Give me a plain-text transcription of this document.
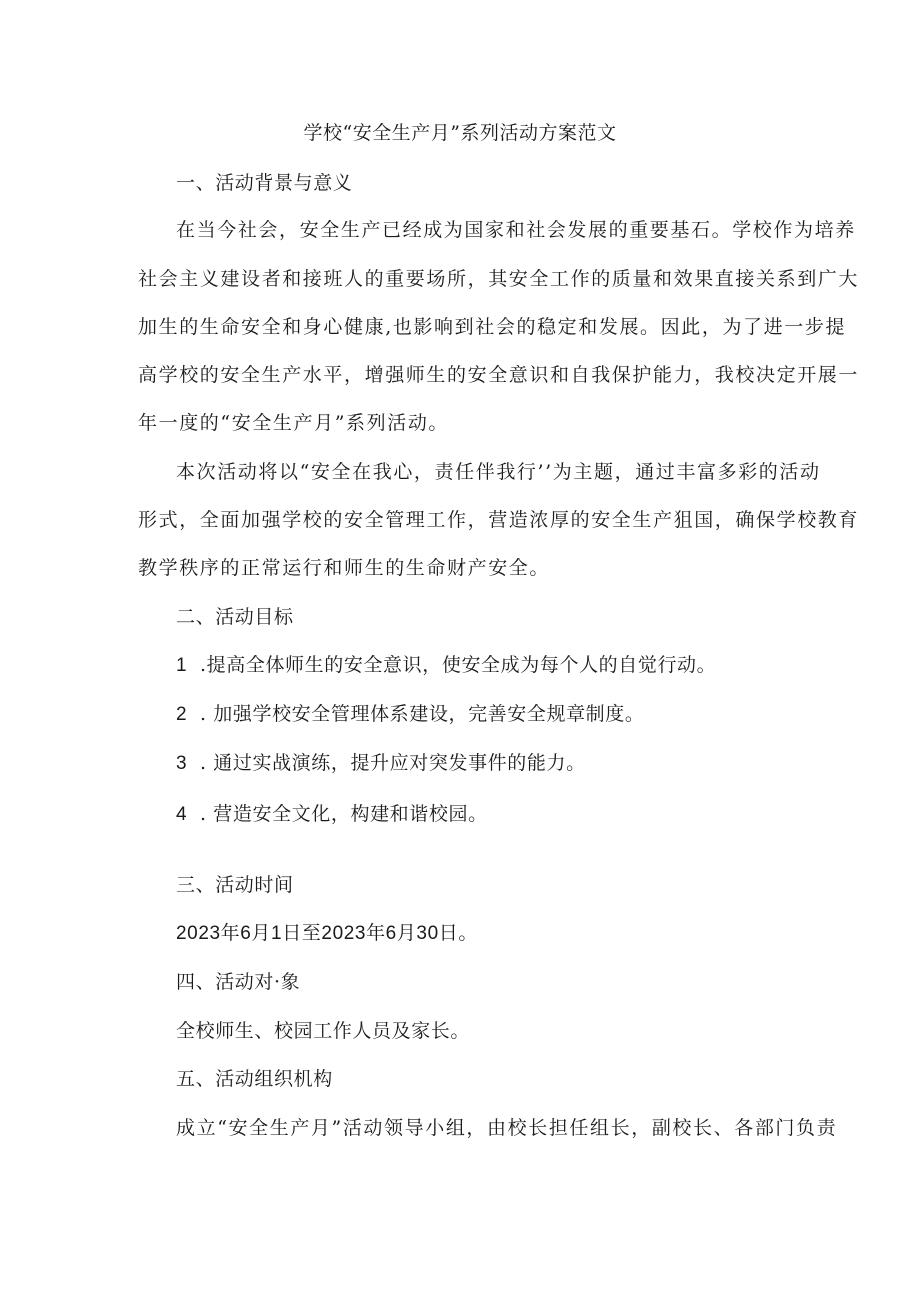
学校“安全生产月”系列活动方案范文
一、活动背景与意义
在当今社会，安全生产已经成为国家和社会发展的重要基石。学校作为培养
社会主义建设者和接班人的重要场所，其安全工作的质量和效果直接关系到广大
加生的生命安全和身心健康,也影响到社会的稳定和发展。因此，为了进一步提
高学校的安全生产水平，增强师生的安全意识和自我保护能力，我校决定开展一
年一度的“安全生产月”系列活动。
本次活动将以“安全在我心，责任伴我行’’为主题，通过丰富多彩的活动
形式，全面加强学校的安全管理工作，营造浓厚的安全生产狙国，确保学校教育
教学秩序的正常运行和师生的生命财产安全。
二、活动目标
1 .提高全体师生的安全意识，使安全成为每个人的自觉行动。
2 . 加强学校安全管理体系建设，完善安全规章制度。
3 . 通过实战演练，提升应对突发事件的能力。
4 . 营造安全文化，构建和谐校园。
三、活动时间
2023年6月1日至2023年6月30日。
四、活动对·象
全校师生、校园工作人员及家长。
五、活动组织机构
成立“安全生产月”活动领导小组，由校长担任组长，副校长、各部门负责
